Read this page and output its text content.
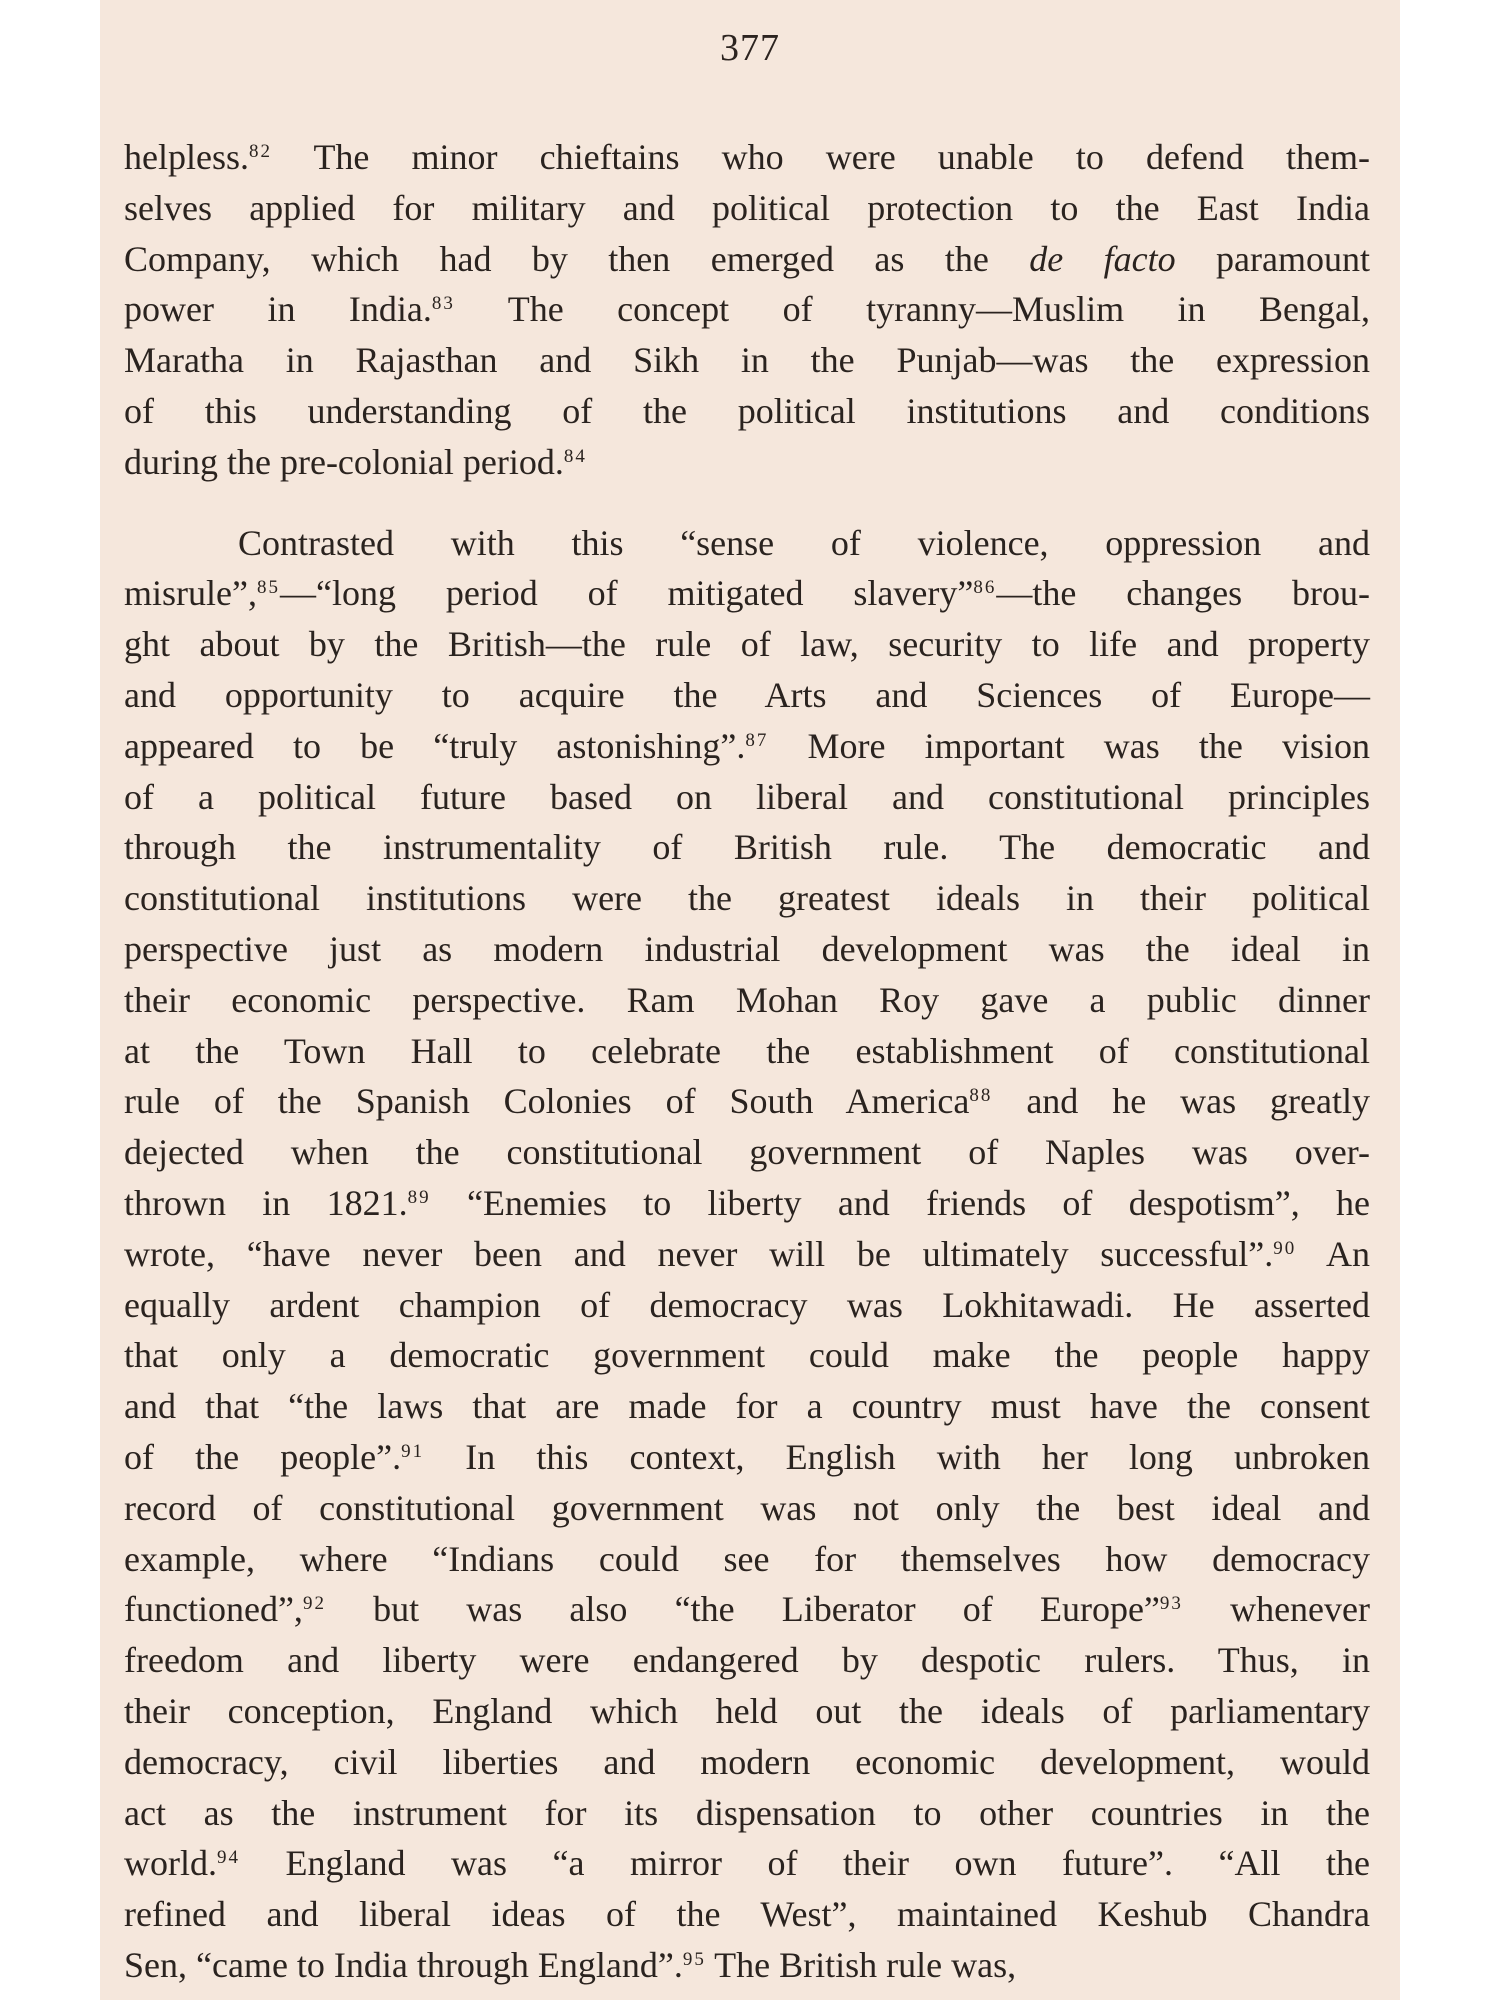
377
helpless.$^{82}$ The minor chieftains who were unable to defend them-
selves applied for military and political protection to the East India
Company, which had by then emerged as the de facto paramount
power in India.$^{83}$ The concept of tyranny—Muslim in Bengal,
Maratha in Rajasthan and Sikh in the Punjab—was the expression
of this understanding of the political institutions and conditions
during the pre-colonial period.$^{84}$
Contrasted with this “sense of violence, oppression and
misrule”,$^{85}$—“long period of mitigated slavery”$^{86}$—the changes brou-
ght about by the British—the rule of law, security to life and property
and opportunity to acquire the Arts and Sciences of Europe—
appeared to be “truly astonishing”.$^{87}$ More important was the vision
of a political future based on liberal and constitutional principles
through the instrumentality of British rule. The democratic and
constitutional institutions were the greatest ideals in their political
perspective just as modern industrial development was the ideal in
their economic perspective. Ram Mohan Roy gave a public dinner
at the Town Hall to celebrate the establishment of constitutional
rule of the Spanish Colonies of South America$^{88}$ and he was greatly
dejected when the constitutional government of Naples was over-
thrown in 1821.89 “Enemies to liberty and friends of despotism”, he
wrote, “have never been and never will be ultimately successful”.$^{90}$ An
equally ardent champion of democracy was Lokhitawadi. He asserted
that only a democratic government could make the people happy
and that “the laws that are made for a country must have the consent
of the people”.$^{91}$ In this context, English with her long unbroken
record of constitutional government was not only the best ideal and
example, where “Indians could see for themselves how democracy
functioned”,$^{92}$ but was also “the Liberator of Europe”$^{93}$ whenever
freedom and liberty were endangered by despotic rulers. Thus, in
their conception, England which held out the ideals of parliamentary
democracy, civil liberties and modern economic development, would
act as the instrument for its dispensation to other countries in the
world.$^{94}$ England was “a mirror of their own future”. “All the
refined and liberal ideas of the West”, maintained Keshub Chandra
Sen, “came to India through England”.$^{95}$ The British rule was,
